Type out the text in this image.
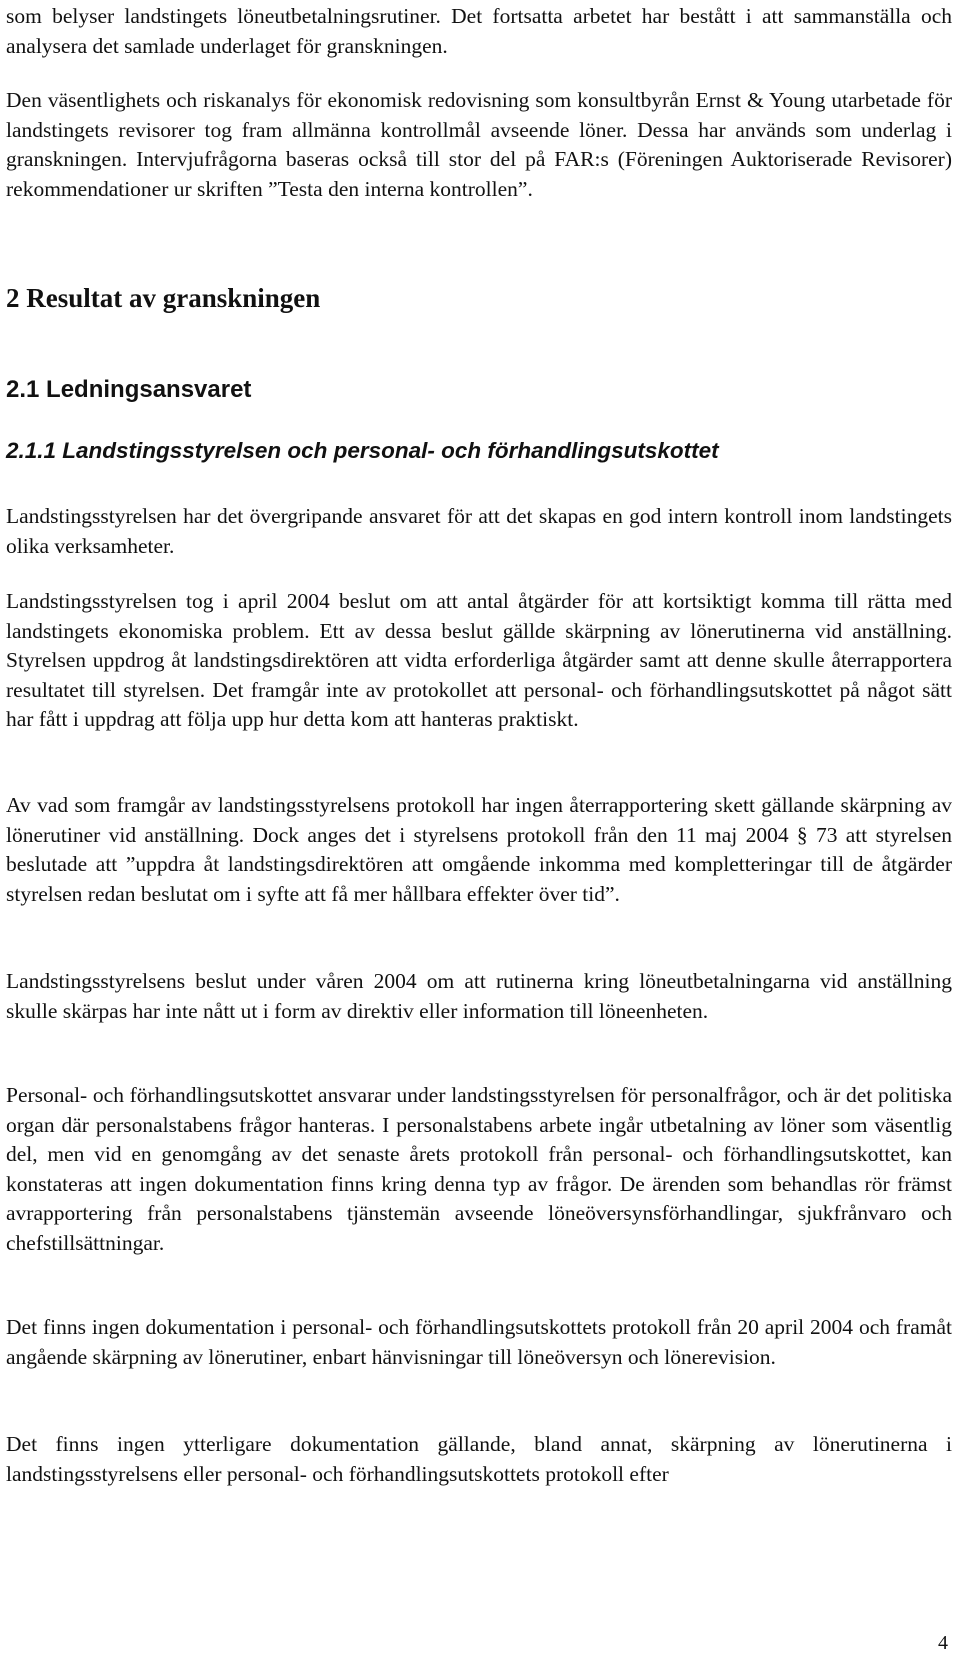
som belyser landstingets löneutbetalningsrutiner. Det fortsatta arbetet har bestått i att sammanställa och analysera det samlade underlaget för granskningen.

Den väsentlighets och riskanalys för ekonomisk redovisning som konsultbyrån Ernst & Young utarbetade för landstingets revisorer tog fram allmänna kontrollmål avseende löner. Dessa har används som underlag i granskningen. Intervjufrågorna baseras också till stor del på FAR:s (Föreningen Auktoriserade Revisorer) rekommendationer ur skriften ”Testa den interna kontrollen”.

2 Resultat av granskningen
2.1 Ledningsansvaret
2.1.1 Landstingsstyrelsen och personal- och förhandlingsutskottet

Landstingsstyrelsen har det övergripande ansvaret för att det skapas en god intern kontroll inom landstingets olika verksamheter.

Landstingsstyrelsen tog i april 2004 beslut om att antal åtgärder för att kortsiktigt komma till rätta med landstingets ekonomiska problem. Ett av dessa beslut gällde skärpning av lönerutinerna vid anställning. Styrelsen uppdrog åt landstingsdirektören att vidta erforderliga åtgärder samt att denne skulle återrapportera resultatet till styrelsen. Det framgår inte av protokollet att personal- och förhandlingsutskottet på något sätt har fått i uppdrag att följa upp hur detta kom att hanteras praktiskt.

Av vad som framgår av landstingsstyrelsens protokoll har ingen återrapportering skett gällande skärpning av lönerutiner vid anställning. Dock anges det i styrelsens protokoll från den 11 maj 2004 § 73 att styrelsen beslutade att ”uppdra åt landstingsdirektören att omgående inkomma med kompletteringar till de åtgärder styrelsen redan beslutat om i syfte att få mer hållbara effekter över tid”.

Landstingsstyrelsens beslut under våren 2004 om att rutinerna kring löneutbetalningarna vid anställning skulle skärpas har inte nått ut i form av direktiv eller information till löneenheten.

Personal- och förhandlingsutskottet ansvarar under landstingsstyrelsen för personalfrågor, och är det politiska organ där personalstabens frågor hanteras. I personalstabens arbete ingår utbetalning av löner som väsentlig del, men vid en genomgång av det senaste årets protokoll från personal- och förhandlingsutskottet, kan konstateras att ingen dokumentation finns kring denna typ av frågor. De ärenden som behandlas rör främst avrapportering från personalstabens tjänstemän avseende löneöversynsförhandlingar, sjukfrånvaro och chefstillsättningar.

Det finns ingen dokumentation i personal- och förhandlingsutskottets protokoll från 20 april 2004 och framåt angående skärpning av lönerutiner, enbart hänvisningar till löneöversyn och lönerevision.

Det finns ingen ytterligare dokumentation gällande, bland annat, skärpning av lönerutinerna i landstingsstyrelsens eller personal- och förhandlingsutskottets protokoll efter

4
